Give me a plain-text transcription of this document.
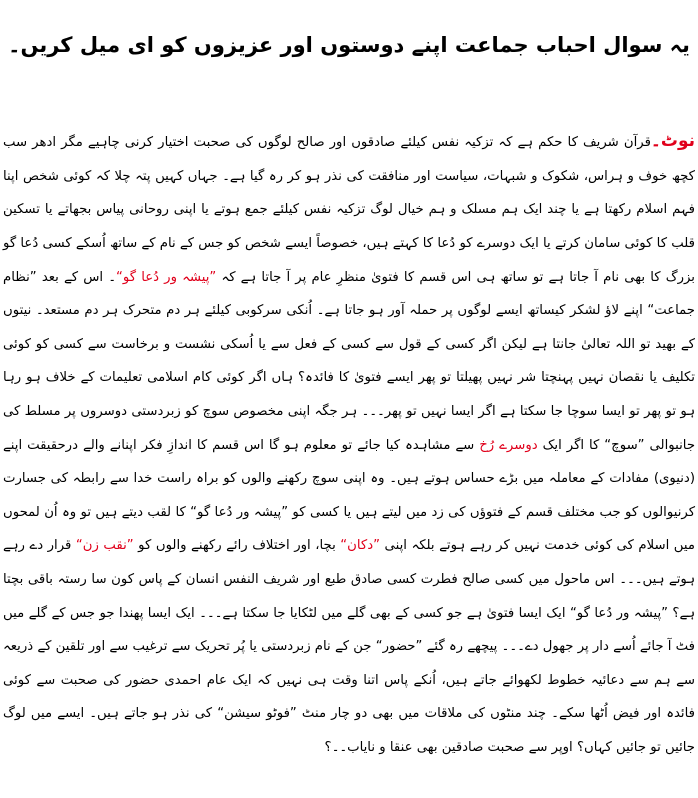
یہ سوال احباب جماعت اپنے دوستوں اور عزیزوں کو ای میل کریں۔

نوٹ۔قرآن شریف کا حکم ہے کہ تزکیہ نفس کیلئے صادقوں اور صالح لوگوں کی صحبت اختیار کرنی چاہیے مگر ادھر سب کچھ خوف و ہراس، شکوک و شبہات، سیاست اور منافقت کی نذر ہو کر رہ گیا ہے۔ جہاں کہیں پتہ چلا کہ کوئی شخص اپنا فہم اسلام رکھتا ہے یا چند ایک ہم مسلک و ہم خیال لوگ تزکیہ نفس کیلئے جمع ہوتے یا اپنی روحانی پیاس بجھاتے یا تسکین قلب کا کوئی سامان کرتے یا ایک دوسرے کو دُعا کا کہتے ہیں، خصوصاً ایسے شخص کو جس کے نام کے ساتھ اُسکے کسی دُعا گو بزرگ کا بھی نام آ جاتا ہے تو ساتھ ہی اس قسم کا فتویٰ منظرِ عام پر آ جاتا ہے کہ ”پیشہ ور دُعا گو“۔ اس کے بعد ”نظام جماعت“ اپنے لاؤ لشکر کیساتھ ایسے لوگوں پر حملہ آور ہو جاتا ہے۔ اُنکی سرکوبی کیلئے ہر دم متحرک ہر دم مستعد۔ نیتوں کے بھید تو اللہ تعالیٰ جانتا ہے لیکن اگر کسی کے قول سے کسی کے فعل سے یا اُسکی نشست و برخاست سے کسی کو کوئی تکلیف یا نقصان نہیں پہنچتا شر نہیں پھیلتا تو پھر ایسے فتویٰ کا فائدہ؟ ہاں اگر کوئی کام اسلامی تعلیمات کے خلاف ہو رہا ہو تو پھر تو ایسا سوچا جا سکتا ہے اگر ایسا نہیں تو پھر۔۔۔ ہر جگہ اپنی مخصوص سوچ کو زبردستی دوسروں پر مسلط کی جانبوالی ”سوچ“ کا اگر ایک دوسرے رُخ سے مشاہدہ کیا جائے تو معلوم ہو گا اس قسم کا اندازِ فکر اپنانے والے درحقیقت اپنے (دنیوی) مفادات کے معاملہ میں بڑے حساس ہوتے ہیں۔ وہ اپنی سوچ رکھنے والوں کو براہ راست خدا سے رابطہ کی جسارت کرنیوالوں کو جب مختلف قسم کے فتوؤں کی زد میں لیتے ہیں یا کسی کو ”پیشہ ور دُعا گو“ کا لقب دیتے ہیں تو وہ اُن لمحوں میں اسلام کی کوئی خدمت نہیں کر رہے ہوتے بلکہ اپنی ”دکان“ بچا، اور اختلاف رائے رکھنے والوں کو ”نقب زن“ قرار دے رہے ہوتے ہیں۔۔۔ اس ماحول میں کسی صالح فطرت کسی صادق طبع اور شریف النفس انسان کے پاس کون سا رستہ باقی بچتا ہے؟ ”پیشہ ور دُعا گو“ ایک ایسا فتویٰ ہے جو کسی کے بھی گلے میں لٹکایا جا سکتا ہے۔۔۔ ایک ایسا پھندا جو جس کے گلے میں فٹ آ جائے اُسے دار پر جھول دے۔۔۔ پیچھے رہ گئے ”حضور“ جن کے نام زبردستی یا پُر تحریک سے ترغیب سے اور تلقین کے ذریعہ سے ہم سے دعائیہ خطوط لکھوائے جاتے ہیں، اُنکے پاس اتنا وقت ہی نہیں کہ ایک عام احمدی حضور کی صحبت سے کوئی فائدہ اور فیض اُٹھا سکے۔ چند منٹوں کی ملاقات میں بھی دو چار منٹ ”فوٹو سیشن“ کی نذر ہو جاتے ہیں۔ ایسے میں لوگ جائیں تو جائیں کہاں؟ اوپر سے صحبت صادقین بھی عنقا و نایاب۔۔؟
